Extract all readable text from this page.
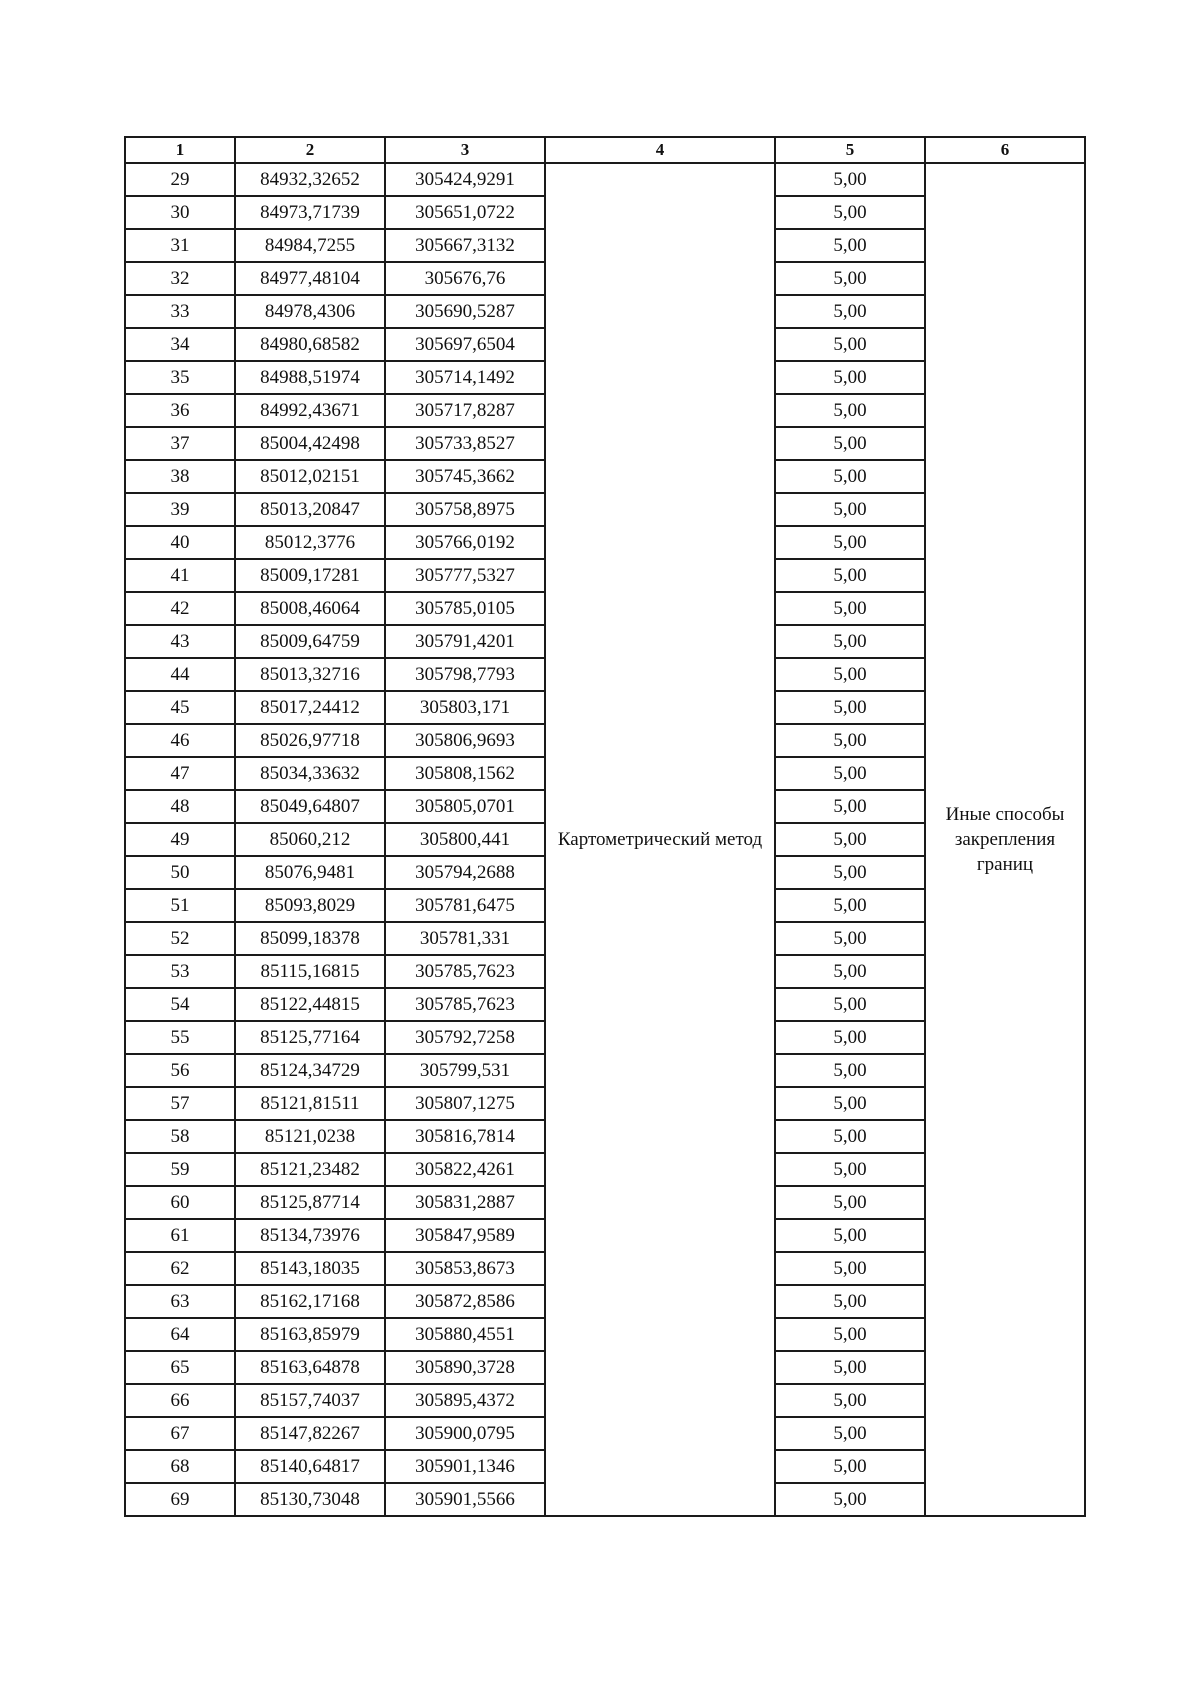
1	2	3	4	5	6
29	84932,32652	305424,9291	Картометрический метод	5,00	Иные способы закрепления границ
30	84973,71739	305651,0722		5,00	
31	84984,7255	305667,3132		5,00	
32	84977,48104	305676,76		5,00	
33	84978,4306	305690,5287		5,00	
34	84980,68582	305697,6504		5,00	
35	84988,51974	305714,1492		5,00	
36	84992,43671	305717,8287		5,00	
37	85004,42498	305733,8527		5,00	
38	85012,02151	305745,3662		5,00	
39	85013,20847	305758,8975		5,00	
40	85012,3776	305766,0192		5,00	
41	85009,17281	305777,5327		5,00	
42	85008,46064	305785,0105		5,00	
43	85009,64759	305791,4201		5,00	
44	85013,32716	305798,7793		5,00	
45	85017,24412	305803,171		5,00	
46	85026,97718	305806,9693		5,00	
47	85034,33632	305808,1562		5,00	
48	85049,64807	305805,0701		5,00	
49	85060,212	305800,441		5,00	
50	85076,9481	305794,2688		5,00	
51	85093,8029	305781,6475		5,00	
52	85099,18378	305781,331		5,00	
53	85115,16815	305785,7623		5,00	
54	85122,44815	305785,7623		5,00	
55	85125,77164	305792,7258		5,00	
56	85124,34729	305799,531		5,00	
57	85121,81511	305807,1275		5,00	
58	85121,0238	305816,7814		5,00	
59	85121,23482	305822,4261		5,00	
60	85125,87714	305831,2887		5,00	
61	85134,73976	305847,9589		5,00	
62	85143,18035	305853,8673		5,00	
63	85162,17168	305872,8586		5,00	
64	85163,85979	305880,4551		5,00	
65	85163,64878	305890,3728		5,00	
66	85157,74037	305895,4372		5,00	
67	85147,82267	305900,0795		5,00	
68	85140,64817	305901,1346		5,00	
69	85130,73048	305901,5566		5,00	
